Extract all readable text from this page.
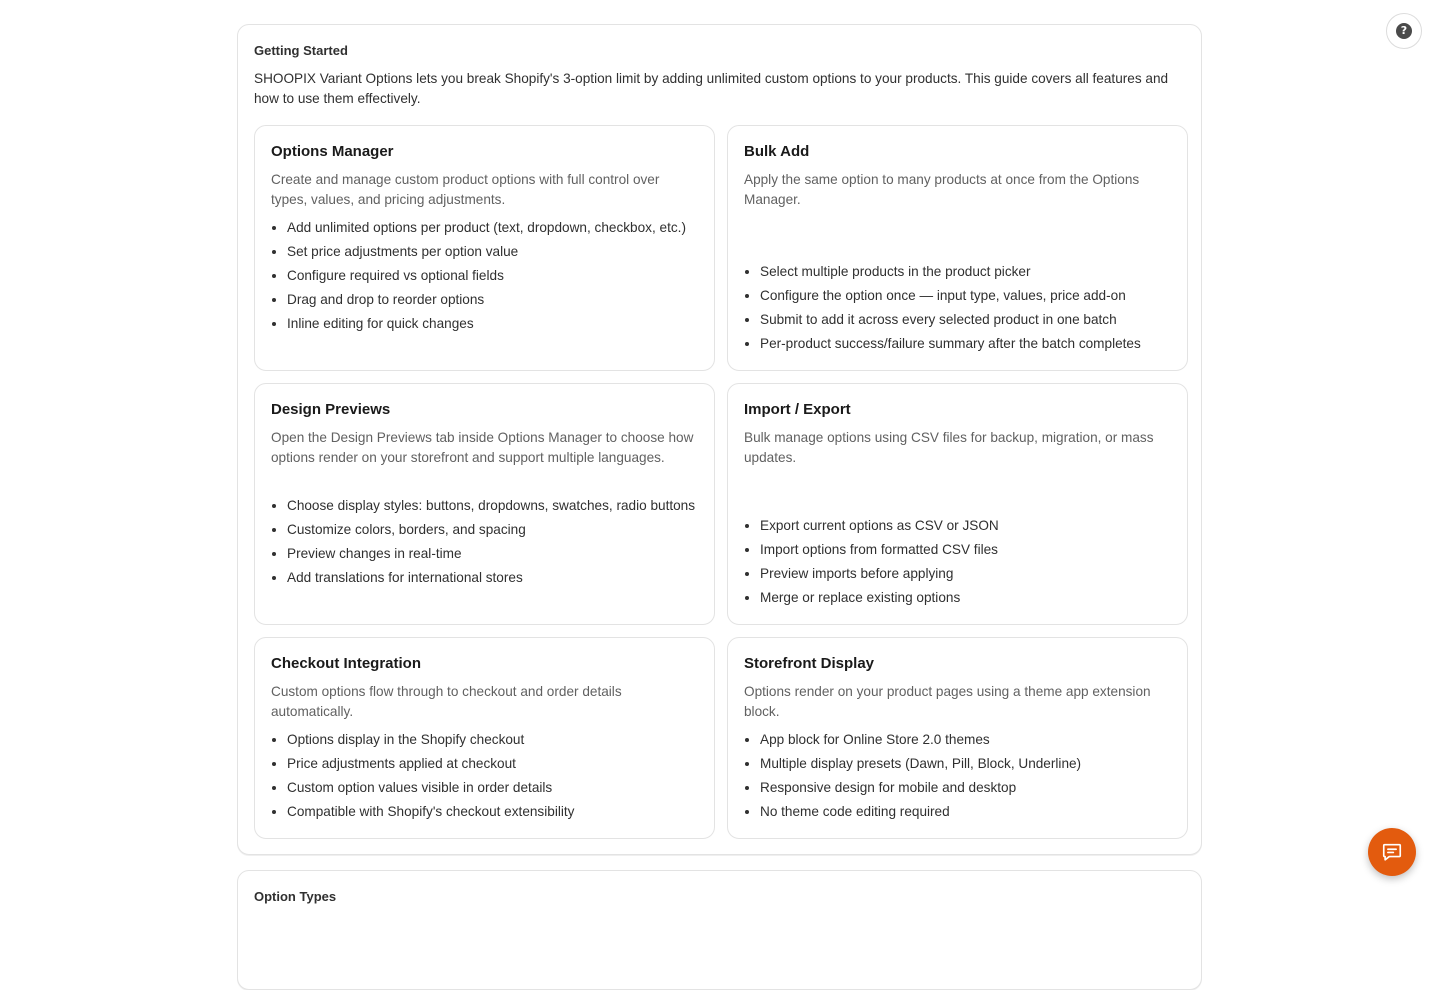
?
Getting Started

SHOOPIX Variant Options lets you break Shopify's 3-option limit by adding unlimited custom options to your products. This guide covers all features and how to use them effectively.

Options Manager

Create and manage custom product options with full control over types, values, and pricing adjustments.

• Add unlimited options per product (text, dropdown, checkbox, etc.)
• Set price adjustments per option value
• Configure required vs optional fields
• Drag and drop to reorder options
• Inline editing for quick changes
Bulk Add

Apply the same option to many products at once from the Options Manager.

• Select multiple products in the product picker
• Configure the option once — input type, values, price add-on
• Submit to add it across every selected product in one batch
• Per-product success/failure summary after the batch completes
Design Previews

Open the Design Previews tab inside Options Manager to choose how options render on your storefront and support multiple languages.

• Choose display styles: buttons, dropdowns, swatches, radio buttons
• Customize colors, borders, and spacing
• Preview changes in real-time
• Add translations for international stores
Import / Export

Bulk manage options using CSV files for backup, migration, or mass updates.

• Export current options as CSV or JSON
• Import options from formatted CSV files
• Preview imports before applying
• Merge or replace existing options
Checkout Integration

Custom options flow through to checkout and order details automatically.

• Options display in the Shopify checkout
• Price adjustments applied at checkout
• Custom option values visible in order details
• Compatible with Shopify's checkout extensibility
Storefront Display

Options render on your product pages using a theme app extension block.

• App block for Online Store 2.0 themes
• Multiple display presets (Dawn, Pill, Block, Underline)
• Responsive design for mobile and desktop
• No theme code editing required
Option Types
